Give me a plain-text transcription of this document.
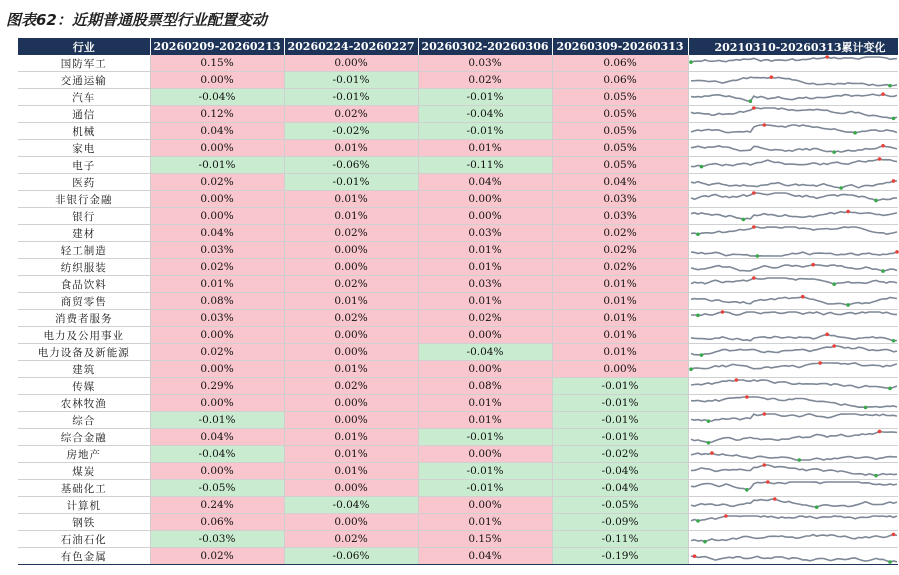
图表62：近期普通股票型行业配置变动
行业	20260209-20260213	20260224-20260227	20260302-20260306	20260309-20260313	20210310-20260313累计变化
国防军工	0.15%	0.00%	0.03%	0.06%	

交通运输	0.00%	-0.01%	0.02%	0.06%	

汽车	-0.04%	-0.01%	-0.01%	0.05%	

通信	0.12%	0.02%	-0.04%	0.05%	

机械	0.04%	-0.02%	-0.01%	0.05%	

家电	0.00%	0.01%	0.01%	0.05%	

电子	-0.01%	-0.06%	-0.11%	0.05%	

医药	0.02%	-0.01%	0.04%	0.04%	

非银行金融	0.00%	0.01%	0.00%	0.03%	

银行	0.00%	0.01%	0.00%	0.03%	

建材	0.04%	0.02%	0.03%	0.02%	

轻工制造	0.03%	0.00%	0.01%	0.02%	

纺织服装	0.02%	0.00%	0.01%	0.02%	

食品饮料	0.01%	0.02%	0.03%	0.01%	

商贸零售	0.08%	0.01%	0.01%	0.01%	

消费者服务	0.03%	0.02%	0.02%	0.01%	

电力及公用事业	0.00%	0.00%	0.00%	0.01%	

电力设备及新能源	0.02%	0.00%	-0.04%	0.01%	

建筑	0.00%	0.01%	0.00%	0.00%	

传媒	0.29%	0.02%	0.08%	-0.01%	

农林牧渔	0.00%	0.00%	0.01%	-0.01%	

综合	-0.01%	0.00%	0.01%	-0.01%	

综合金融	0.04%	0.01%	-0.01%	-0.01%	

房地产	-0.04%	0.01%	0.00%	-0.02%	

煤炭	0.00%	0.01%	-0.01%	-0.04%	

基础化工	-0.05%	0.00%	-0.01%	-0.04%	

计算机	0.24%	-0.04%	0.00%	-0.05%	

钢铁	0.06%	0.00%	0.01%	-0.09%	

石油石化	-0.03%	0.02%	0.15%	-0.11%	

有色金属	0.02%	-0.06%	0.04%	-0.19%	
